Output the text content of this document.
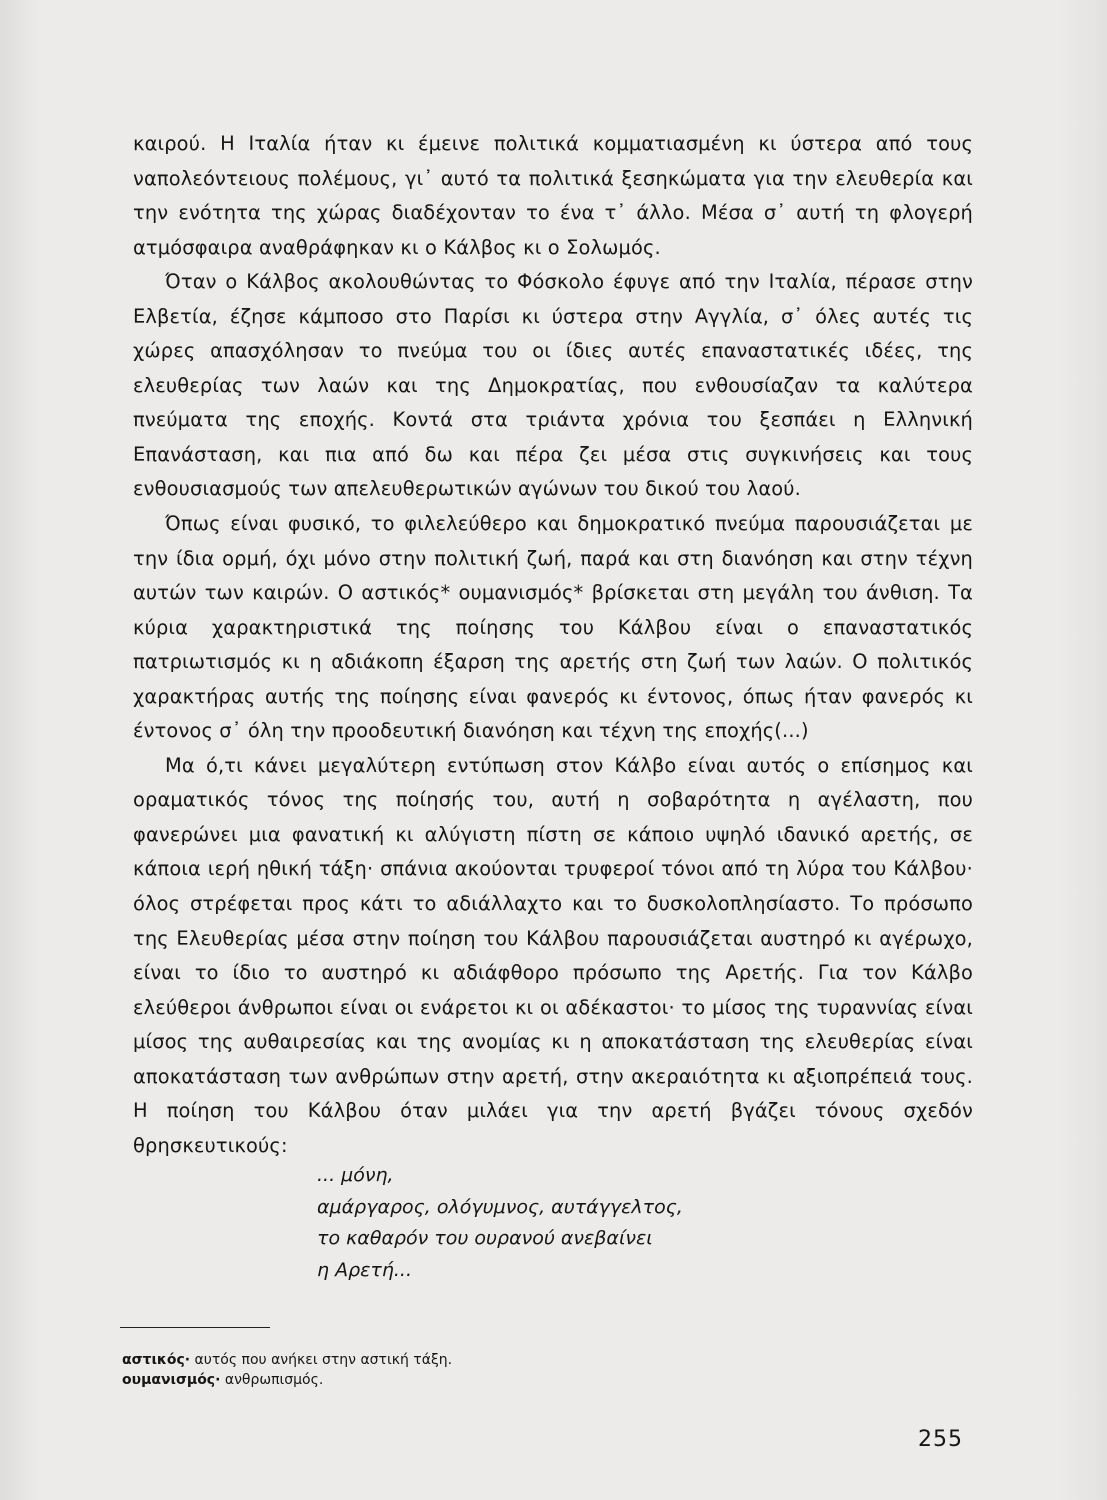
καιρού. Η Ιταλία ήταν κι έμεινε πολιτικά κομματιασμένη κι ύστερα από τους ναπολεόντειους πολέμους, γι᾽ αυτό τα πολιτικά ξεσηκώματα για την ελευθερία και την ενότητα της χώρας διαδέχονταν το ένα τ᾽ άλλο. Μέσα σ᾽ αυτή τη φλογερή ατμόσφαιρα αναθράφηκαν κι ο Κάλβος κι ο Σολωμός.

Όταν ο Κάλβος ακολουθώντας το Φόσκολο έφυγε από την Ιταλία, πέρασε στην Ελβετία, έζησε κάμποσο στο Παρίσι κι ύστερα στην Αγγλία, σ᾽ όλες αυτές τις χώρες απασχόλησαν το πνεύμα του οι ίδιες αυτές επαναστατικές ιδέες, της ελευθερίας των λαών και της Δημοκρατίας, που ενθουσίαζαν τα καλύτερα πνεύματα της εποχής. Κοντά στα τριάντα χρόνια του ξεσπάει η Ελληνική Επανάσταση, και πια από δω και πέρα ζει μέσα στις συγκινήσεις και τους ενθουσιασμούς των απελευθερωτικών αγώνων του δικού του λαού.

Όπως είναι φυσικό, το φιλελεύθερο και δημοκρατικό πνεύμα παρουσιάζεται με την ίδια ορμή, όχι μόνο στην πολιτική ζωή, παρά και στη διανόηση και στην τέχνη αυτών των καιρών. Ο αστικός* ουμανισμός* βρίσκεται στη μεγάλη του άνθιση. Τα κύρια χαρακτηριστικά της ποίησης του Κάλβου είναι ο επαναστατικός πατριωτισμός κι η αδιάκοπη έξαρση της αρετής στη ζωή των λαών. Ο πολιτικός χαρακτήρας αυτής της ποίησης είναι φανερός κι έντονος, όπως ήταν φανερός κι έντονος σ᾽ όλη την προοδευτική διανόηση και τέχνη της εποχής(...)

Μα ό,τι κάνει μεγαλύτερη εντύπωση στον Κάλβο είναι αυτός ο επίσημος και οραματικός τόνος της ποίησής του, αυτή η σοβαρότητα η αγέλαστη, που φανερώνει μια φανατική κι αλύγιστη πίστη σε κάποιο υψηλό ιδανικό αρετής, σε κάποια ιερή ηθική τάξη· σπάνια ακούονται τρυφεροί τόνοι από τη λύρα του Κάλβου· όλος στρέφεται προς κάτι το αδιάλλαχτο και το δυσκολοπλησίαστο. Το πρόσωπο της Ελευθερίας μέσα στην ποίηση του Κάλβου παρουσιάζεται αυστηρό κι αγέρωχο, είναι το ίδιο το αυστηρό κι αδιάφθορο πρόσωπο της Αρετής. Για τον Κάλβο ελεύθεροι άνθρωποι είναι οι ενάρετοι κι οι αδέκαστοι· το μίσος της τυραννίας είναι μίσος της αυθαιρεσίας και της ανομίας κι η αποκατάσταση της ελευθερίας είναι αποκατάσταση των ανθρώπων στην αρετή, στην ακεραιότητα κι αξιοπρέπειά τους. Η ποίηση του Κάλβου όταν μιλάει για την αρετή βγάζει τόνους σχεδόν θρησκευτικούς:

... μόνη,
αμάργαρος, ολόγυμνος, αυτάγγελτος,
το καθαρόν του ουρανού ανεβαίνει
η Αρετή...
αστικός· αυτός που ανήκει στην αστική τάξη.
ουμανισμός· ανθρωπισμός.
255
